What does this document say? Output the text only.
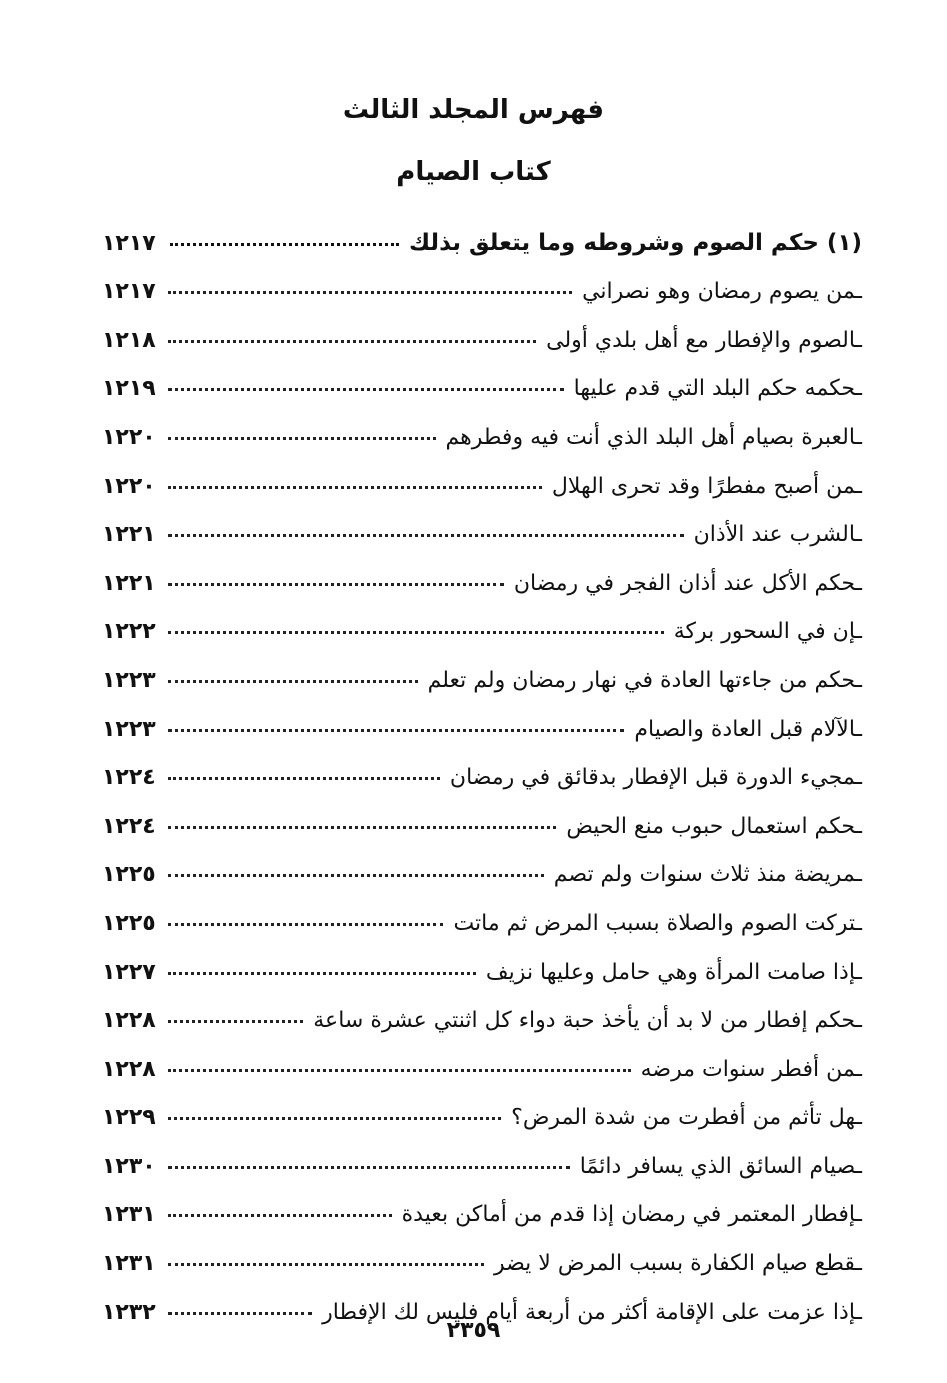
فهرس المجلد الثالث
كتاب الصيام
(١) حكم الصوم وشروطه وما يتعلق بذلك
١٢١٧
ـمن يصوم رمضان وهو نصراني
١٢١٧
ـالصوم والإفطار مع أهل بلدي أولى
١٢١٨
ـحكمه حكم البلد التي قدم عليها
١٢١٩
ـالعبرة بصيام أهل البلد الذي أنت فيه وفطرهم
١٢٢٠
ـمن أصبح مفطرًا وقد تحرى الهلال
١٢٢٠
ـالشرب عند الأذان
١٢٢١
ـحكم الأكل عند أذان الفجر في رمضان
١٢٢١
ـإن في السحور بركة
١٢٢٢
ـحكم من جاءتها العادة في نهار رمضان ولم تعلم
١٢٢٣
ـالآلام قبل العادة والصيام
١٢٢٣
ـمجيء الدورة قبل الإفطار بدقائق في رمضان
١٢٢٤
ـحكم استعمال حبوب منع الحيض
١٢٢٤
ـمريضة منذ ثلاث سنوات ولم تصم
١٢٢٥
ـتركت الصوم والصلاة بسبب المرض ثم ماتت
١٢٢٥
ـإذا صامت المرأة وهي حامل وعليها نزيف
١٢٢٧
ـحكم إفطار من لا بد أن يأخذ حبة دواء كل اثنتي عشرة ساعة
١٢٢٨
ـمن أفطر سنوات مرضه
١٢٢٨
ـهل تأثم من أفطرت من شدة المرض؟
١٢٢٩
ـصيام السائق الذي يسافر دائمًا
١٢٣٠
ـإفطار المعتمر في رمضان إذا قدم من أماكن بعيدة
١٢٣١
ـقطع صيام الكفارة بسبب المرض لا يضر
١٢٣١
ـإذا عزمت على الإقامة أكثر من أربعة أيام فليس لك الإفطار
١٢٣٢
٢٣٥٩
